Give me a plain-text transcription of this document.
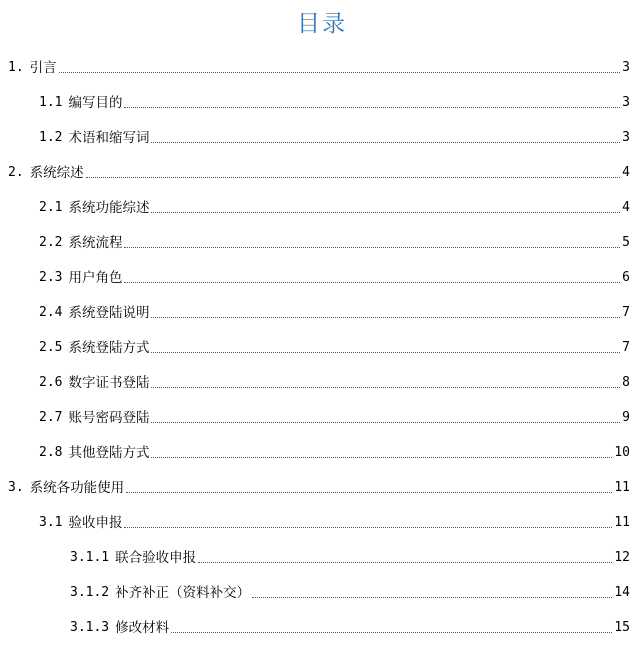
目录
1. 引言	3
1.1 编写目的	3
1.2 术语和缩写词	3
2. 系统综述	4
2.1 系统功能综述	4
2.2 系统流程	5
2.3 用户角色	6
2.4 系统登陆说明	7
2.5 系统登陆方式	7
2.6 数字证书登陆	8
2.7 账号密码登陆	9
2.8 其他登陆方式	10
3. 系统各功能使用	11
3.1 验收申报	11
3.1.1 联合验收申报	12
3.1.2 补齐补正（资料补交）	14
3.1.3 修改材料	15
